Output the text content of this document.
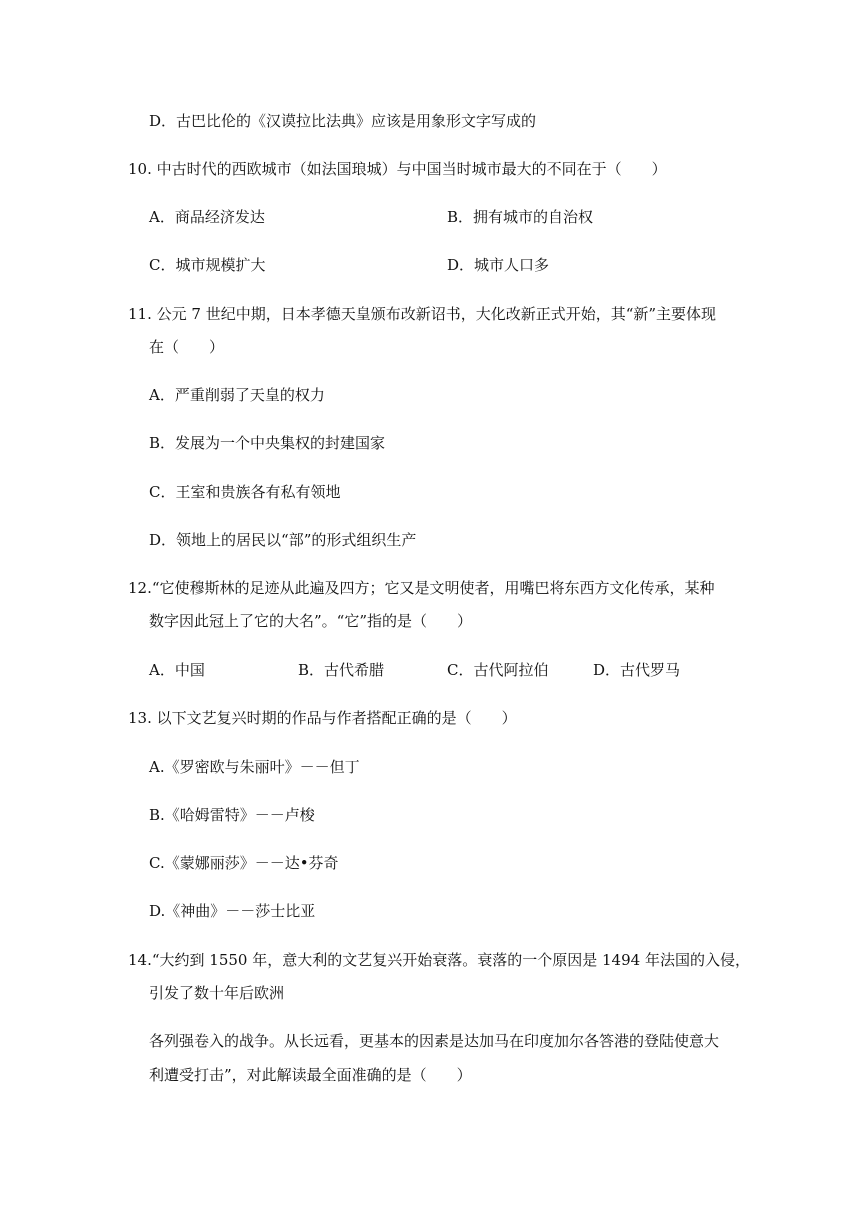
D．古巴比伦的《汉谟拉比法典》应该是用象形文字写成的
10. 中古时代的西欧城市（如法国琅城）与中国当时城市最大的不同在于（　　）
A．商品经济发达	B．拥有城市的自治权
C．城市规模扩大	D．城市人口多
11. 公元 7 世纪中期，日本孝德天皇颁布改新诏书，大化改新正式开始，其“新”主要体现
在（　　）
A．严重削弱了天皇的权力
B．发展为一个中央集权的封建国家
C．王室和贵族各有私有领地
D．领地上的居民以“部”的形式组织生产
12.“它使穆斯林的足迹从此遍及四方；它又是文明使者，用嘴巴将东西方文化传承，某种
数字因此冠上了它的大名”。“它”指的是（　　）
A．中国	B．古代希腊	C．古代阿拉伯	D．古代罗马
13. 以下文艺复兴时期的作品与作者搭配正确的是（　　）
A.《罗密欧与朱丽叶》－－但丁
B.《哈姆雷特》－－卢梭
C.《蒙娜丽莎》－－达•芬奇
D.《神曲》－－莎士比亚
14.“大约到 1550 年，意大利的文艺复兴开始衰落。衰落的一个原因是 1494 年法国的入侵，
引发了数十年后欧洲
各列强卷入的战争。从长远看，更基本的因素是达加马在印度加尔各答港的登陆使意大
利遭受打击”，对此解读最全面准确的是（　　）
